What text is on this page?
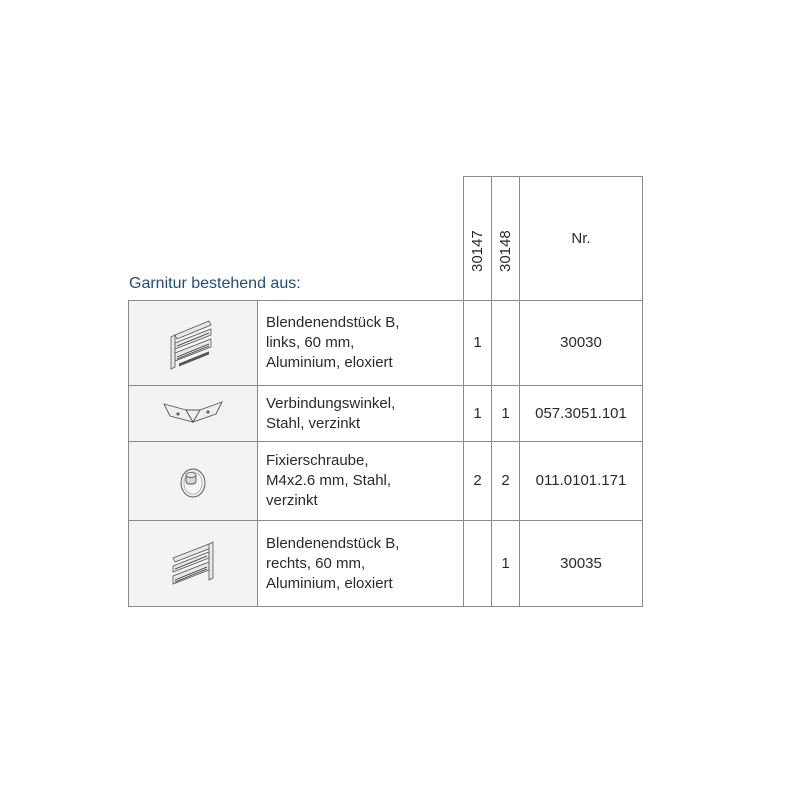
Garnitur bestehend aus:

		30147	30148	Nr.

Blendenendstück B,
links, 60 mm,
Aluminium, eloxiert	1		30030

Verbindungswinkel,
Stahl, verzinkt	1	1	057.3051.101

Fixierschraube,
M4x2.6 mm, Stahl,
verzinkt	2	2	011.0101.171

Blendenendstück B,
rechts, 60 mm,
Aluminium, eloxiert		1	30035
